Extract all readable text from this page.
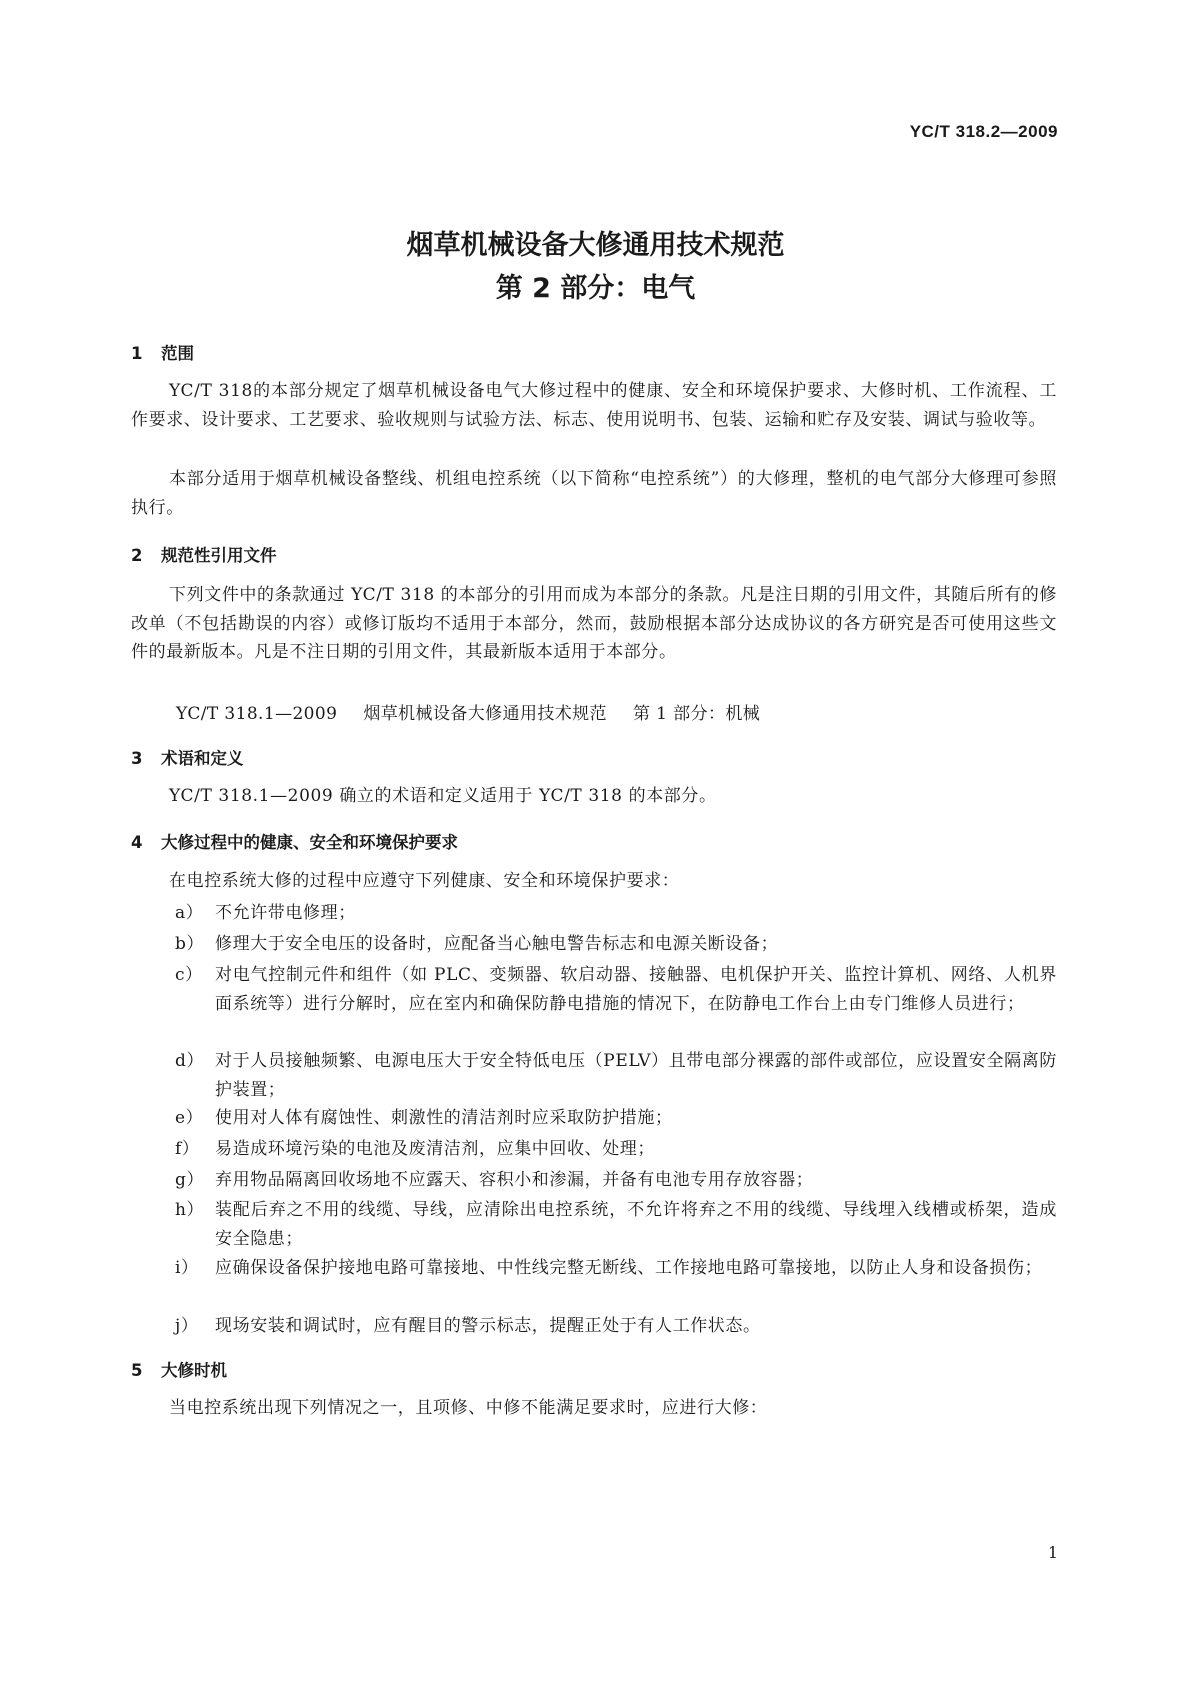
YC/T 318.2—2009
烟草机械设备大修通用技术规范
第 2 部分：电气
1 范围
YC/T 318的本部分规定了烟草机械设备电气大修过程中的健康、安全和环境保护要求、大修时机、工作流程、工作要求、设计要求、工艺要求、验收规则与试验方法、标志、使用说明书、包装、运输和贮存及安装、调试与验收等。
本部分适用于烟草机械设备整线、机组电控系统（以下简称“电控系统”）的大修理，整机的电气部分大修理可参照执行。
2 规范性引用文件
下列文件中的条款通过 YC/T 318 的本部分的引用而成为本部分的条款。凡是注日期的引用文件，其随后所有的修改单（不包括勘误的内容）或修订版均不适用于本部分，然而，鼓励根据本部分达成协议的各方研究是否可使用这些文件的最新版本。凡是不注日期的引用文件，其最新版本适用于本部分。
YC/T 318.1—2009 烟草机械设备大修通用技术规范 第 1 部分：机械
3 术语和定义
YC/T 318.1—2009 确立的术语和定义适用于 YC/T 318 的本部分。
4 大修过程中的健康、安全和环境保护要求
在电控系统大修的过程中应遵守下列健康、安全和环境保护要求：
a） 不允许带电修理；
b） 修理大于安全电压的设备时，应配备当心触电警告标志和电源关断设备；
c） 对电气控制元件和组件（如 PLC、变频器、软启动器、接触器、电机保护开关、监控计算机、网络、人机界面系统等）进行分解时，应在室内和确保防静电措施的情况下，在防静电工作台上由专门维修人员进行；
d） 对于人员接触频繁、电源电压大于安全特低电压（PELV）且带电部分裸露的部件或部位，应设置安全隔离防护装置；
e） 使用对人体有腐蚀性、刺激性的清洁剂时应采取防护措施；
f） 易造成环境污染的电池及废清洁剂，应集中回收、处理；
g） 弃用物品隔离回收场地不应露天、容积小和渗漏，并备有电池专用存放容器；
h） 装配后弃之不用的线缆、导线，应清除出电控系统，不允许将弃之不用的线缆、导线埋入线槽或桥架，造成安全隐患；
i） 应确保设备保护接地电路可靠接地、中性线完整无断线、工作接地电路可靠接地，以防止人身和设备损伤；
j） 现场安装和调试时，应有醒目的警示标志，提醒正处于有人工作状态。
5 大修时机
当电控系统出现下列情况之一，且项修、中修不能满足要求时，应进行大修：
1
